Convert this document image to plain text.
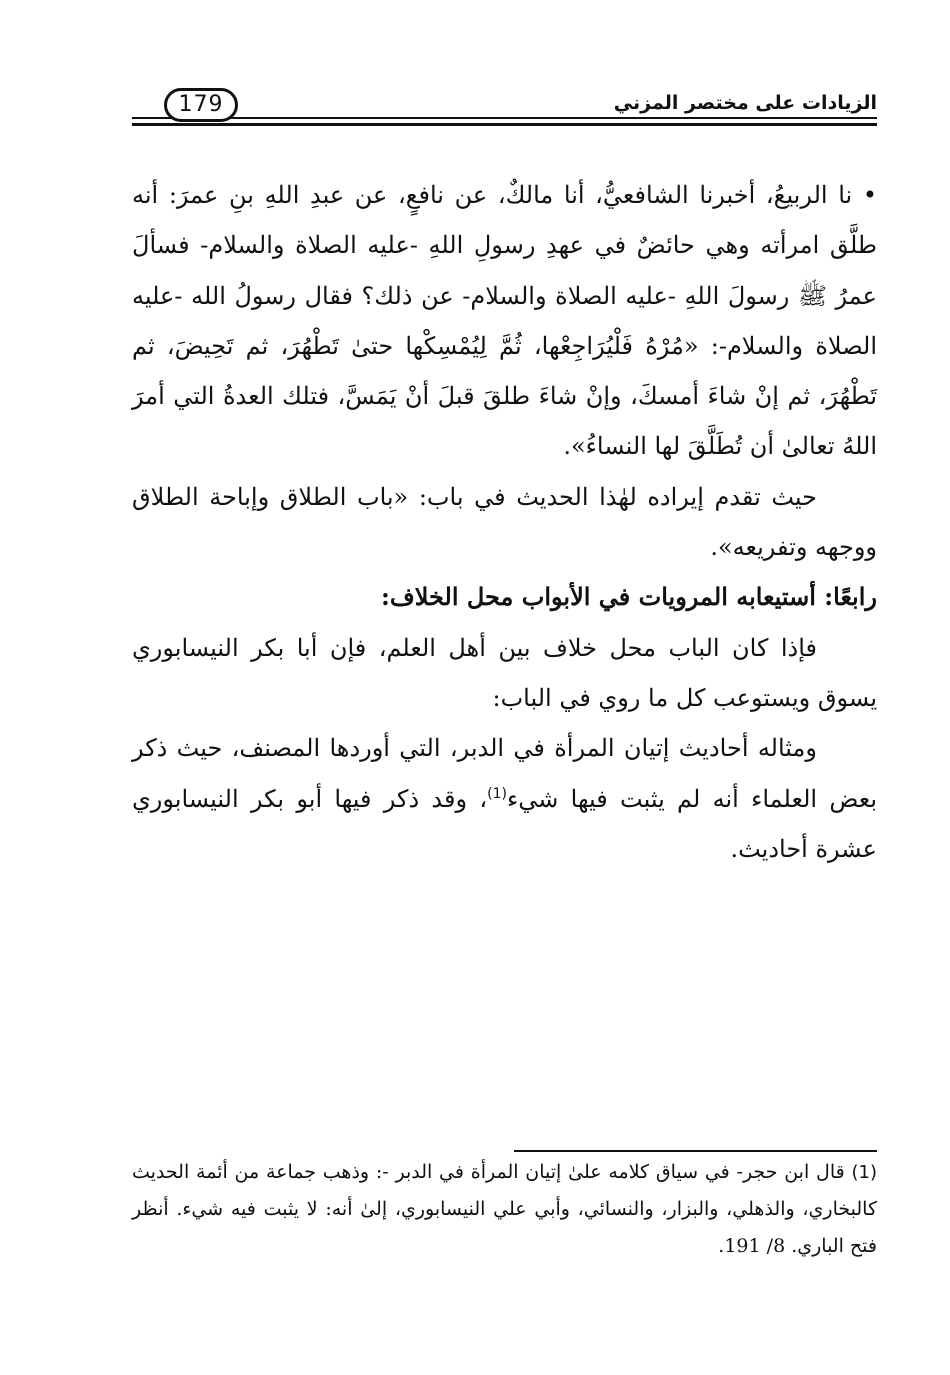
الزيادات على مختصر المزني
179

• نا الربيعُ، أخبرنا الشافعيُّ، أنا مالكٌ، عن نافعٍ، عن عبدِ اللهِ بنِ عمرَ: أنه طلَّق امرأته وهي حائضٌ في عهدِ رسولِ اللهِ -عليه الصلاة والسلام- فسألَ عمرُ ﷺ رسولَ اللهِ -عليه الصلاة والسلام- عن ذلك؟ فقال رسولُ الله -عليه الصلاة والسلام-: «مُرْهُ فَلْيُرَاجِعْها، ثُمَّ لِيُمْسِكْها حتىٰ تَطْهُرَ، ثم تَحِيضَ، ثم تَطْهُرَ، ثم إنْ شاءَ أمسكَ، وإنْ شاءَ طلقَ قبلَ أنْ يَمَسَّ، فتلك العدةُ التي أمرَ اللهُ تعالىٰ أن تُطَلَّقَ لها النساءُ».

حيث تقدم إيراده لهٰذا الحديث في باب: «باب الطلاق وإباحة الطلاق ووجهه وتفريعه».

رابعًا: أستيعابه المرويات في الأبواب محل الخلاف:

فإذا كان الباب محل خلاف بين أهل العلم، فإن أبا بكر النيسابوري يسوق ويستوعب كل ما روي في الباب:

ومثاله أحاديث إتيان المرأة في الدبر، التي أوردها المصنف، حيث ذكر بعض العلماء أنه لم يثبت فيها شيء$^{(1)}$، وقد ذكر فيها أبو بكر النيسابوري عشرة أحاديث.

(1) قال ابن حجر- في سياق كلامه علىٰ إتيان المرأة في الدبر -: وذهب جماعة من أئمة الحديث كالبخاري، والذهلي، والبزار، والنسائي، وأبي علي النيسابوري، إلىٰ أنه: لا يثبت فيه شيء. أنظر فتح الباري. 8/ 191.
